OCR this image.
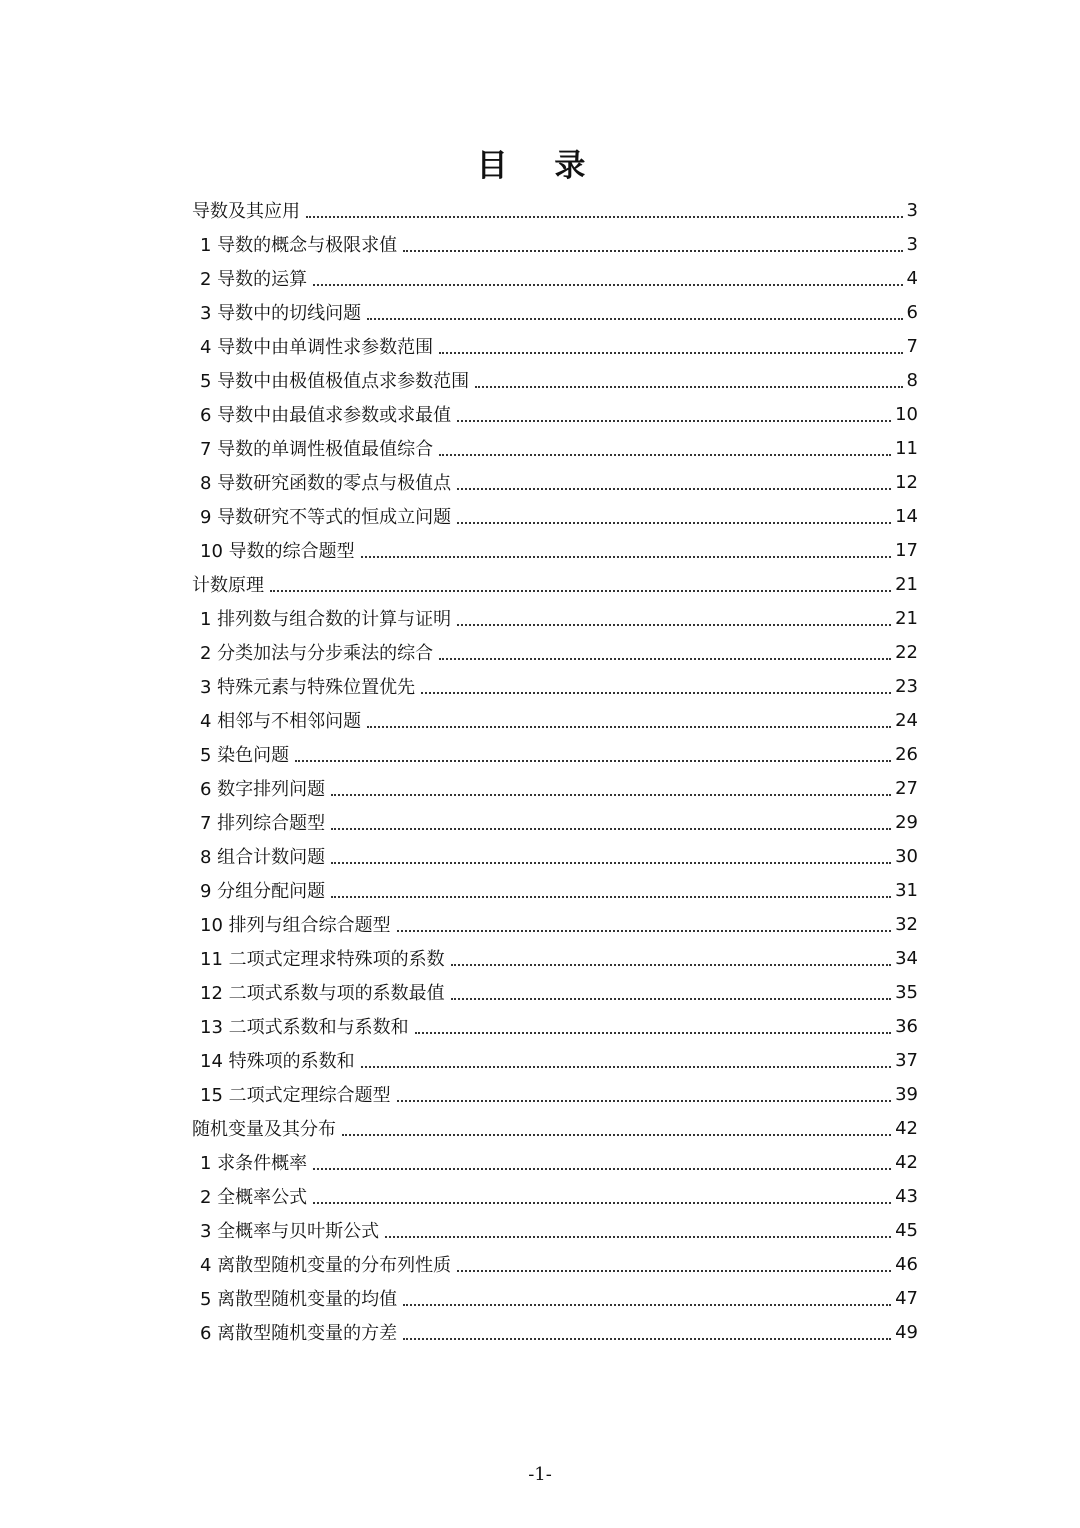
目 录
导数及其应用	3
1 导数的概念与极限求值	3
2 导数的运算	4
3 导数中的切线问题	6
4 导数中由单调性求参数范围	7
5 导数中由极值极值点求参数范围	8
6 导数中由最值求参数或求最值	10
7 导数的单调性极值最值综合	11
8 导数研究函数的零点与极值点	12
9 导数研究不等式的恒成立问题	14
10 导数的综合题型	17
计数原理	21
1 排列数与组合数的计算与证明	21
2 分类加法与分步乘法的综合	22
3 特殊元素与特殊位置优先	23
4 相邻与不相邻问题	24
5 染色问题	26
6 数字排列问题	27
7 排列综合题型	29
8 组合计数问题	30
9 分组分配问题	31
10 排列与组合综合题型	32
11 二项式定理求特殊项的系数	34
12 二项式系数与项的系数最值	35
13 二项式系数和与系数和	36
14 特殊项的系数和	37
15 二项式定理综合题型	39
随机变量及其分布	42
1 求条件概率	42
2 全概率公式	43
3 全概率与贝叶斯公式	45
4 离散型随机变量的分布列性质	46
5 离散型随机变量的均值	47
6 离散型随机变量的方差	49
-1-
